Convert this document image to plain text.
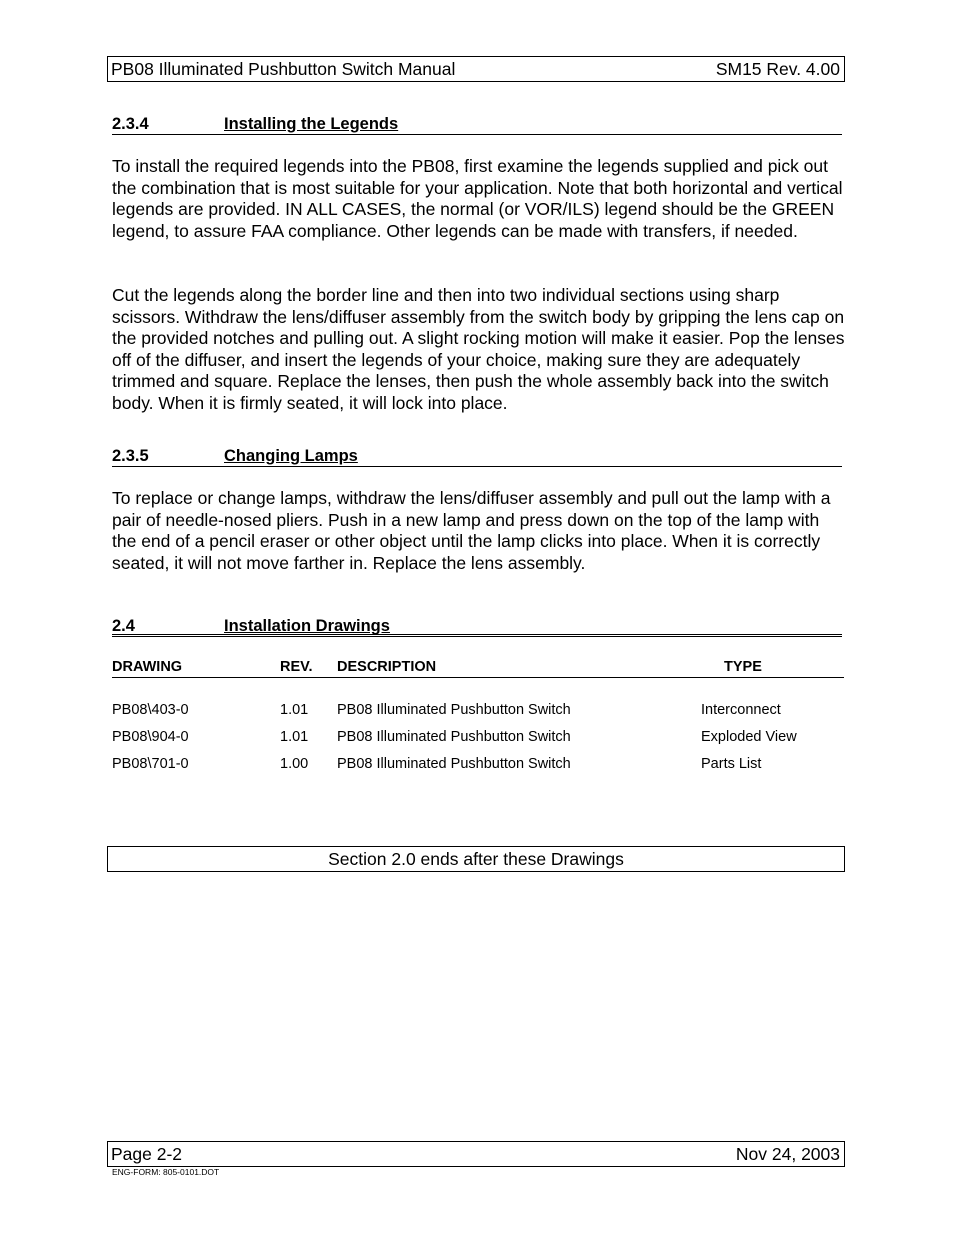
PB08 Illuminated Pushbutton Switch Manual	SM15 Rev. 4.00
2.3.4	Installing the Legends

To install the required legends into the PB08, first examine the legends supplied and pick out the combination that is most suitable for your application. Note that both horizontal and vertical legends are provided. IN ALL CASES, the normal (or VOR/ILS) legend should be the GREEN legend, to assure FAA compliance. Other legends can be made with transfers, if needed.

Cut the legends along the border line and then into two individual sections using sharp scissors. Withdraw the lens/diffuser assembly from the switch body by gripping the lens cap on the provided notches and pulling out. A slight rocking motion will make it easier. Pop the lenses off of the diffuser, and insert the legends of your choice, making sure they are adequately trimmed and square. Replace the lenses, then push the whole assembly back into the switch body. When it is firmly seated, it will lock into place.

2.3.5	Changing Lamps

To replace or change lamps, withdraw the lens/diffuser assembly and pull out the lamp with a pair of needle-nosed pliers. Push in a new lamp and press down on the top of the lamp with the end of a pencil eraser or other object until the lamp clicks into place. When it is correctly seated, it will not move farther in. Replace the lens assembly.

2.4	Installation Drawings
DRAWING	REV. DESCRIPTION	TYPE
PB08\403-0	1.01 PB08 Illuminated Pushbutton Switch	Interconnect
PB08\904-0	1.01 PB08 Illuminated Pushbutton Switch	Exploded View
PB08\701-0	1.00 PB08 Illuminated Pushbutton Switch	Parts List
Section 2.0 ends after these Drawings
Page 2-2	Nov 24, 2003
ENG-FORM: 805-0101.DOT
